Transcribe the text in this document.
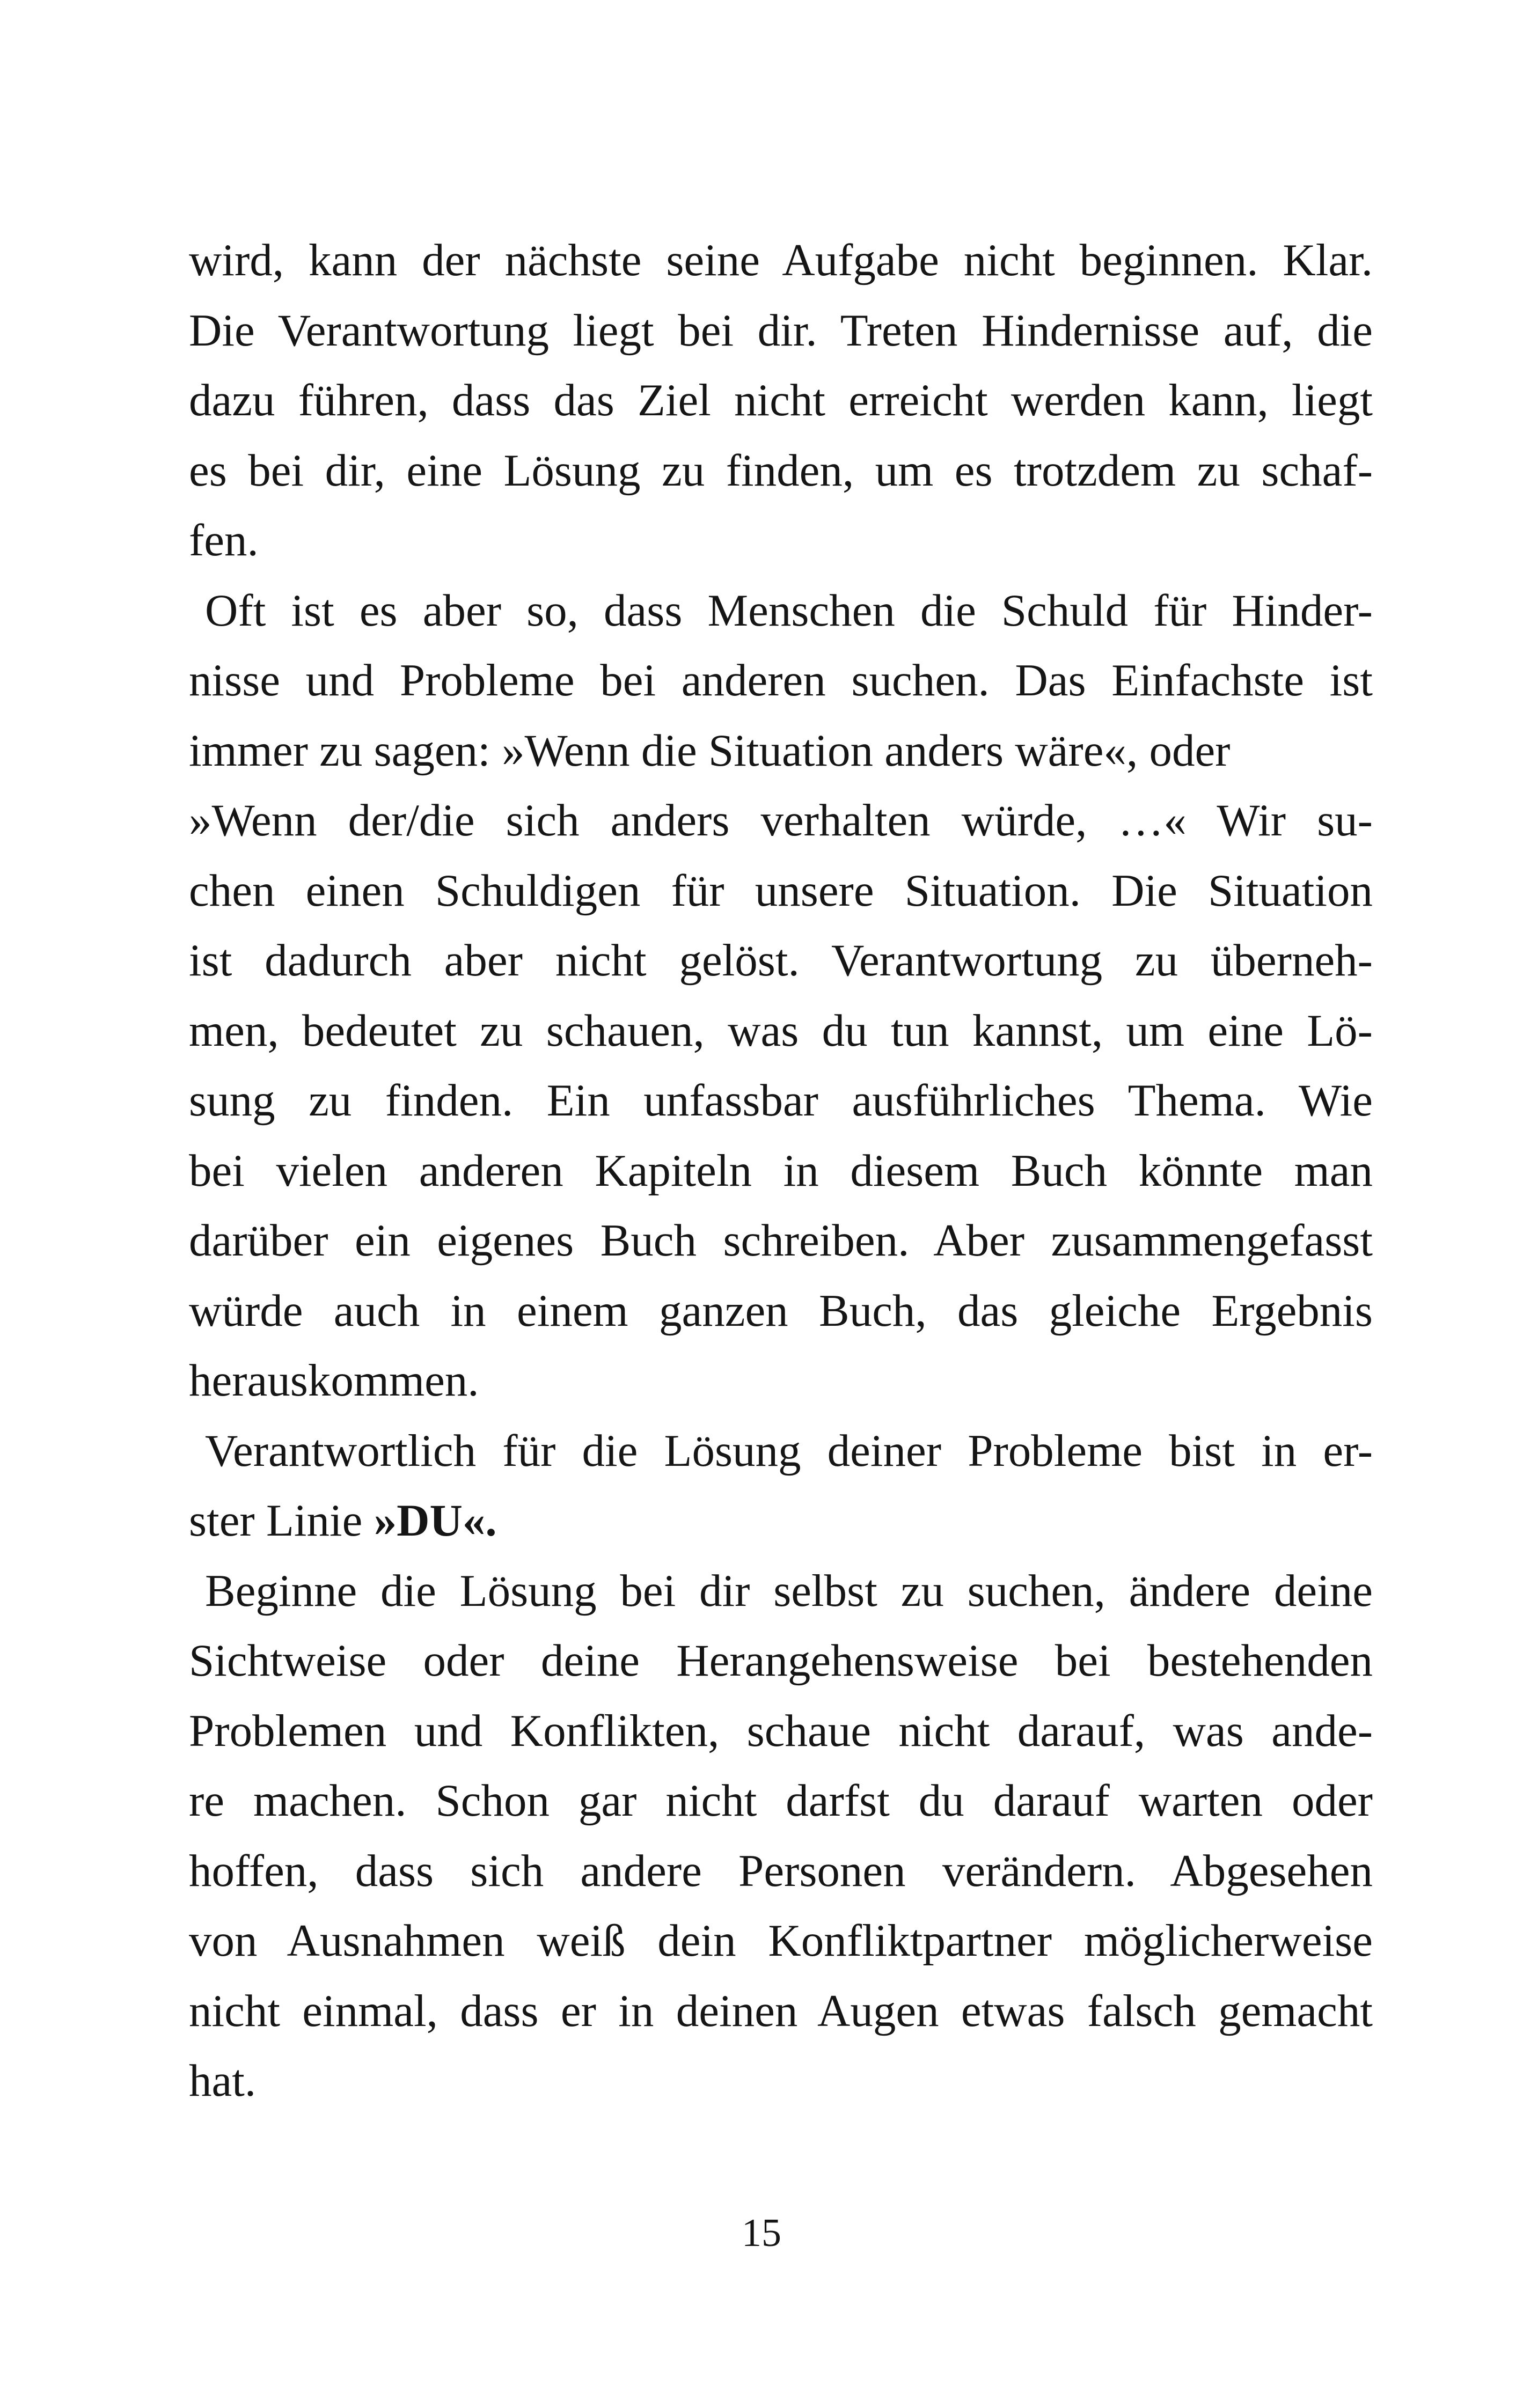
wird, kann der nächste seine Aufgabe nicht beginnen. Klar.
Die Verantwortung liegt bei dir. Treten Hindernisse auf, die
dazu führen, dass das Ziel nicht erreicht werden kann, liegt
es bei dir, eine Lösung zu finden, um es trotzdem zu schaf-
fen.
Oft ist es aber so, dass Menschen die Schuld für Hinder-
nisse und Probleme bei anderen suchen. Das Einfachste ist
immer zu sagen: »Wenn die Situation anders wäre«, oder
»Wenn der/die sich anders verhalten würde, …« Wir su-
chen einen Schuldigen für unsere Situation. Die Situation
ist dadurch aber nicht gelöst. Verantwortung zu überneh-
men, bedeutet zu schauen, was du tun kannst, um eine Lö-
sung zu finden. Ein unfassbar ausführliches Thema. Wie
bei vielen anderen Kapiteln in diesem Buch könnte man
darüber ein eigenes Buch schreiben. Aber zusammengefasst
würde auch in einem ganzen Buch, das gleiche Ergebnis
herauskommen.
Verantwortlich für die Lösung deiner Probleme bist in er-
ster Linie »DU«.
Beginne die Lösung bei dir selbst zu suchen, ändere deine
Sichtweise oder deine Herangehensweise bei bestehenden
Problemen und Konflikten, schaue nicht darauf, was ande-
re machen. Schon gar nicht darfst du darauf warten oder
hoffen, dass sich andere Personen verändern. Abgesehen
von Ausnahmen weiß dein Konfliktpartner möglicherweise
nicht einmal, dass er in deinen Augen etwas falsch gemacht
hat.
15
